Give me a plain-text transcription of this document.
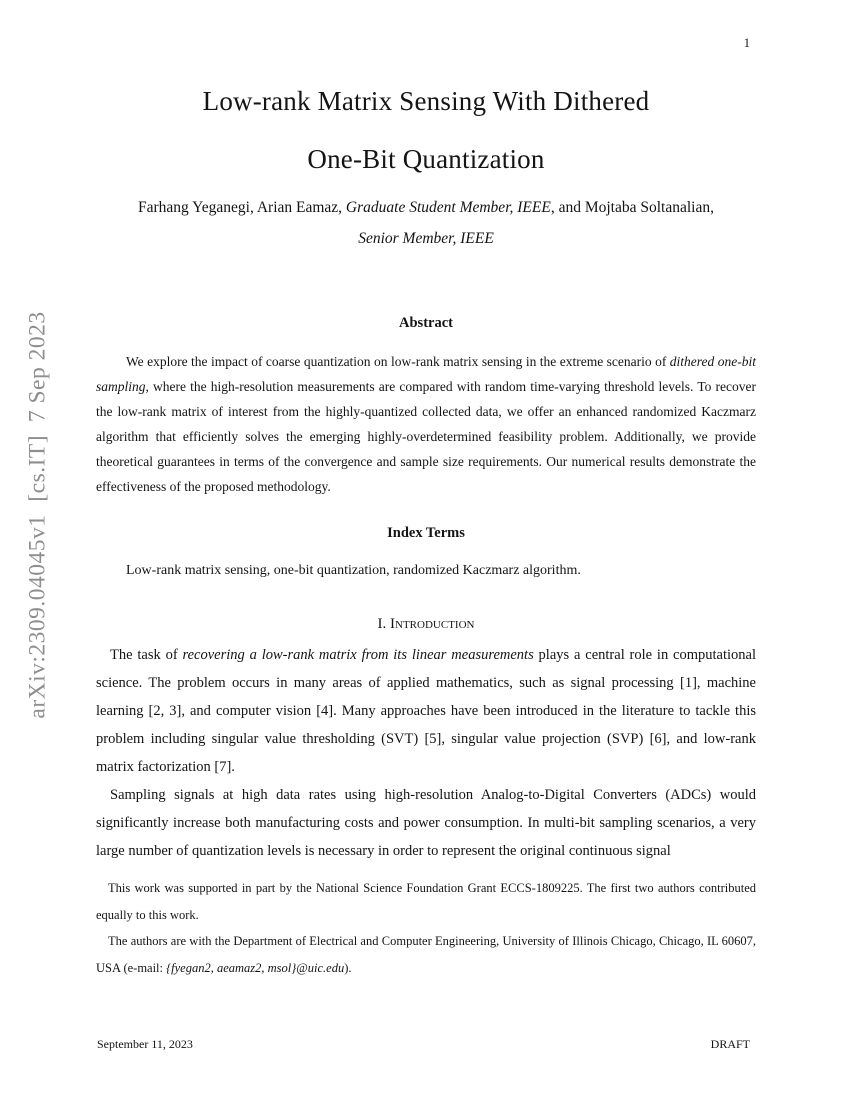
1
arXiv:2309.04045v1  [cs.IT]  7 Sep 2023
Low-rank Matrix Sensing With Dithered
One-Bit Quantization
Farhang Yeganegi, Arian Eamaz, Graduate Student Member, IEEE, and Mojtaba Soltanalian,
Senior Member, IEEE
Abstract

We explore the impact of coarse quantization on low-rank matrix sensing in the extreme scenario of dithered one-bit sampling, where the high-resolution measurements are compared with random time-varying threshold levels. To recover the low-rank matrix of interest from the highly-quantized collected data, we offer an enhanced randomized Kaczmarz algorithm that efficiently solves the emerging highly-overdetermined feasibility problem. Additionally, we provide theoretical guarantees in terms of the convergence and sample size requirements. Our numerical results demonstrate the effectiveness of the proposed methodology.

Index Terms

Low-rank matrix sensing, one-bit quantization, randomized Kaczmarz algorithm.

I. Introduction

The task of recovering a low-rank matrix from its linear measurements plays a central role in computational science. The problem occurs in many areas of applied mathematics, such as signal processing [1], machine learning [2, 3], and computer vision [4]. Many approaches have been introduced in the literature to tackle this problem including singular value thresholding (SVT) [5], singular value projection (SVP) [6], and low-rank matrix factorization [7].

Sampling signals at high data rates using high-resolution Analog-to-Digital Converters (ADCs) would significantly increase both manufacturing costs and power consumption. In multi-bit sampling scenarios, a very large number of quantization levels is necessary in order to represent the original continuous signal

This work was supported in part by the National Science Foundation Grant ECCS-1809225. The first two authors contributed equally to this work.

The authors are with the Department of Electrical and Computer Engineering, University of Illinois Chicago, Chicago, IL 60607, USA (e-mail: {fyegan2, aeamaz2, msol}@uic.edu).

September 11, 2023	DRAFT
